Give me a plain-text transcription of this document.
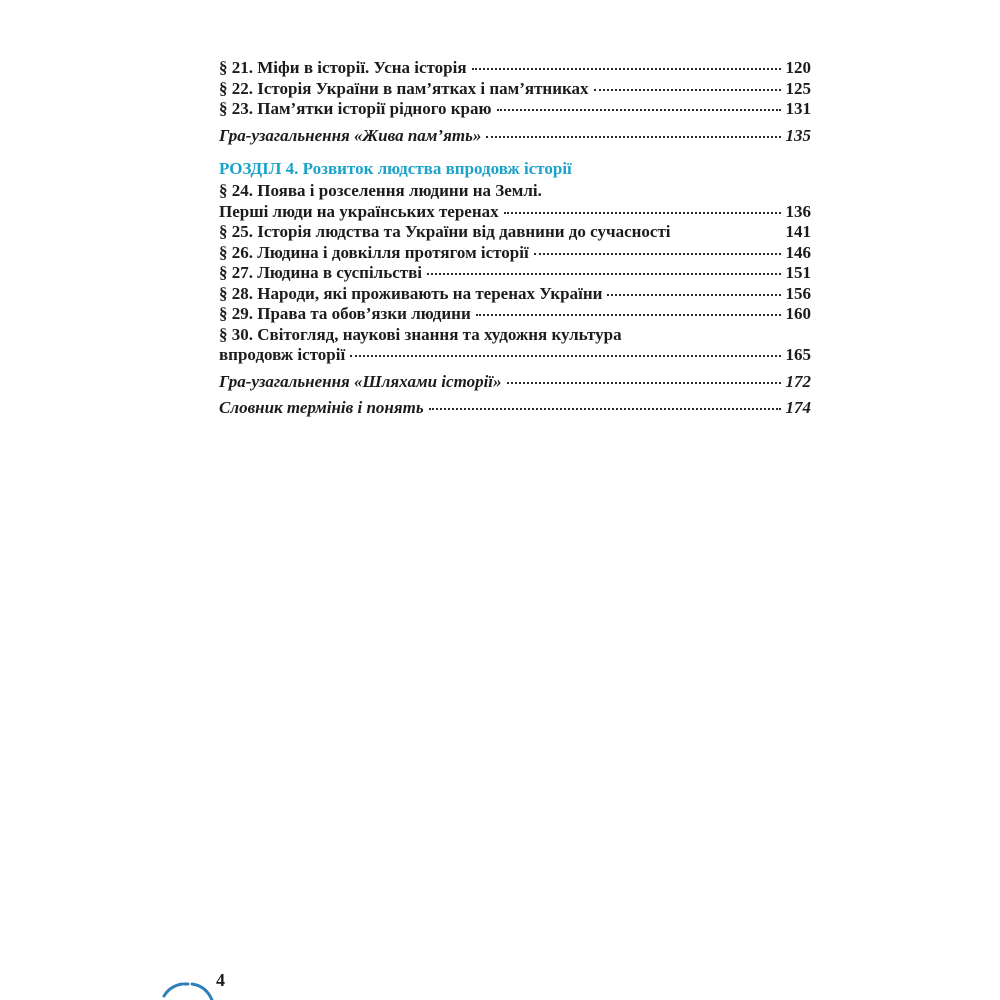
§ 21. Міфи в історії. Усна історія	120
§ 22. Історія України в пам’ятках і пам’ятниках	125
§ 23. Пам’ятки історії рідного краю	131
Гра-узагальнення «Жива пам’ять»	135
РОЗДІЛ 4. Розвиток людства впродовж історії
§ 24. Поява і розселення людини на Землі.
Перші люди на українських теренах	136
§ 25. Історія людства та України від давнини до сучасності	141
§ 26. Людина і довкілля протягом історії	146
§ 27. Людина в суспільстві	151
§ 28. Народи, які проживають на теренах України	156
§ 29. Права та обов’язки людини	160
§ 30. Світогляд, наукові знання та художня культура
впродовж історії	165
Гра-узагальнення «Шляхами історії»	172
Словник термінів і понять	174
4
